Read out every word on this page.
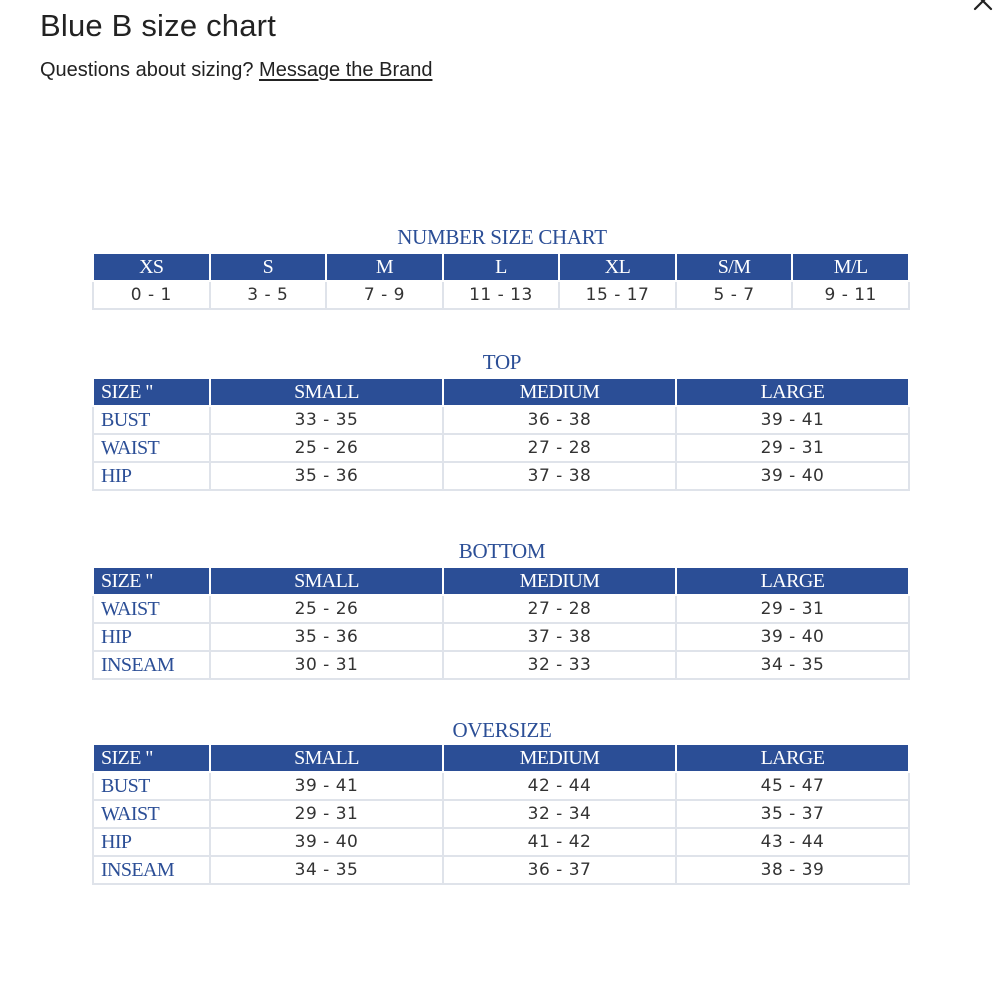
Blue B size chart

Questions about sizing? Message the Brand

NUMBER SIZE CHART
XS	S	M	L	XL	S/M	M/L
0 - 1	3 - 5	7 - 9	11 - 13	15 - 17	5 - 7	9 - 11
TOP
SIZE "	SMALL	MEDIUM	LARGE
BUST	33 - 35	36 - 38	39 - 41
WAIST	25 - 26	27 - 28	29 - 31
HIP	35 - 36	37 - 38	39 - 40
BOTTOM
SIZE "	SMALL	MEDIUM	LARGE
WAIST	25 - 26	27 - 28	29 - 31
HIP	35 - 36	37 - 38	39 - 40
INSEAM	30 - 31	32 - 33	34 - 35
OVERSIZE
SIZE "	SMALL	MEDIUM	LARGE
BUST	39 - 41	42 - 44	45 - 47
WAIST	29 - 31	32 - 34	35 - 37
HIP	39 - 40	41 - 42	43 - 44
INSEAM	34 - 35	36 - 37	38 - 39
